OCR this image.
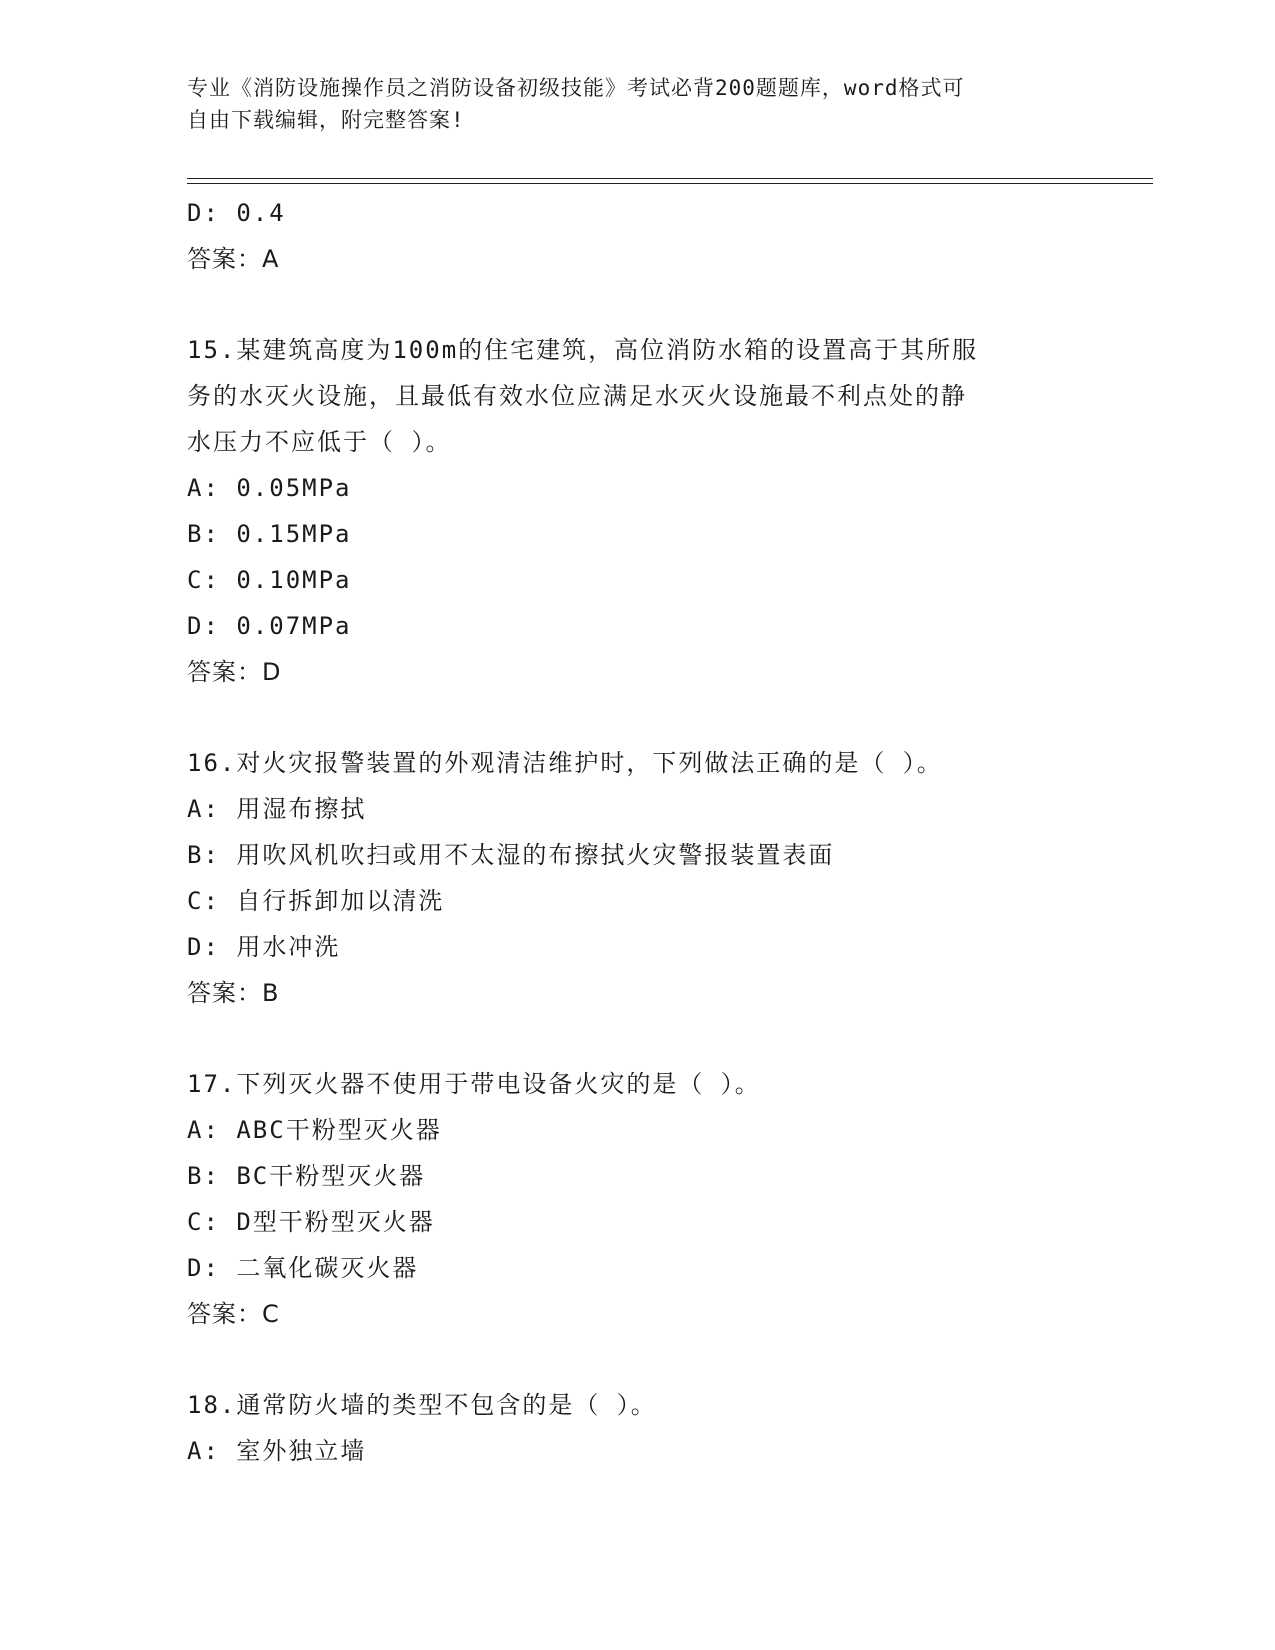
专业《消防设施操作员之消防设备初级技能》考试必背200题题库，word格式可
自由下载编辑，附完整答案!
D: 0.4
答案：A
15.某建筑高度为100m的住宅建筑，高位消防水箱的设置高于其所服
务的水灭火设施，且最低有效水位应满足水灭火设施最不利点处的静
水压力不应低于（ ）。
A: 0.05MPa
B: 0.15MPa
C: 0.10MPa
D: 0.07MPa
答案：D
16.对火灾报警装置的外观清洁维护时，下列做法正确的是（ ）。
A: 用湿布擦拭
B: 用吹风机吹扫或用不太湿的布擦拭火灾警报装置表面
C: 自行拆卸加以清洗
D: 用水冲洗
答案：B
17.下列灭火器不使用于带电设备火灾的是（ ）。
A: ABC干粉型灭火器
B: BC干粉型灭火器
C: D型干粉型灭火器
D: 二氧化碳灭火器
答案：C
18.通常防火墙的类型不包含的是（ ）。
A: 室外独立墙
